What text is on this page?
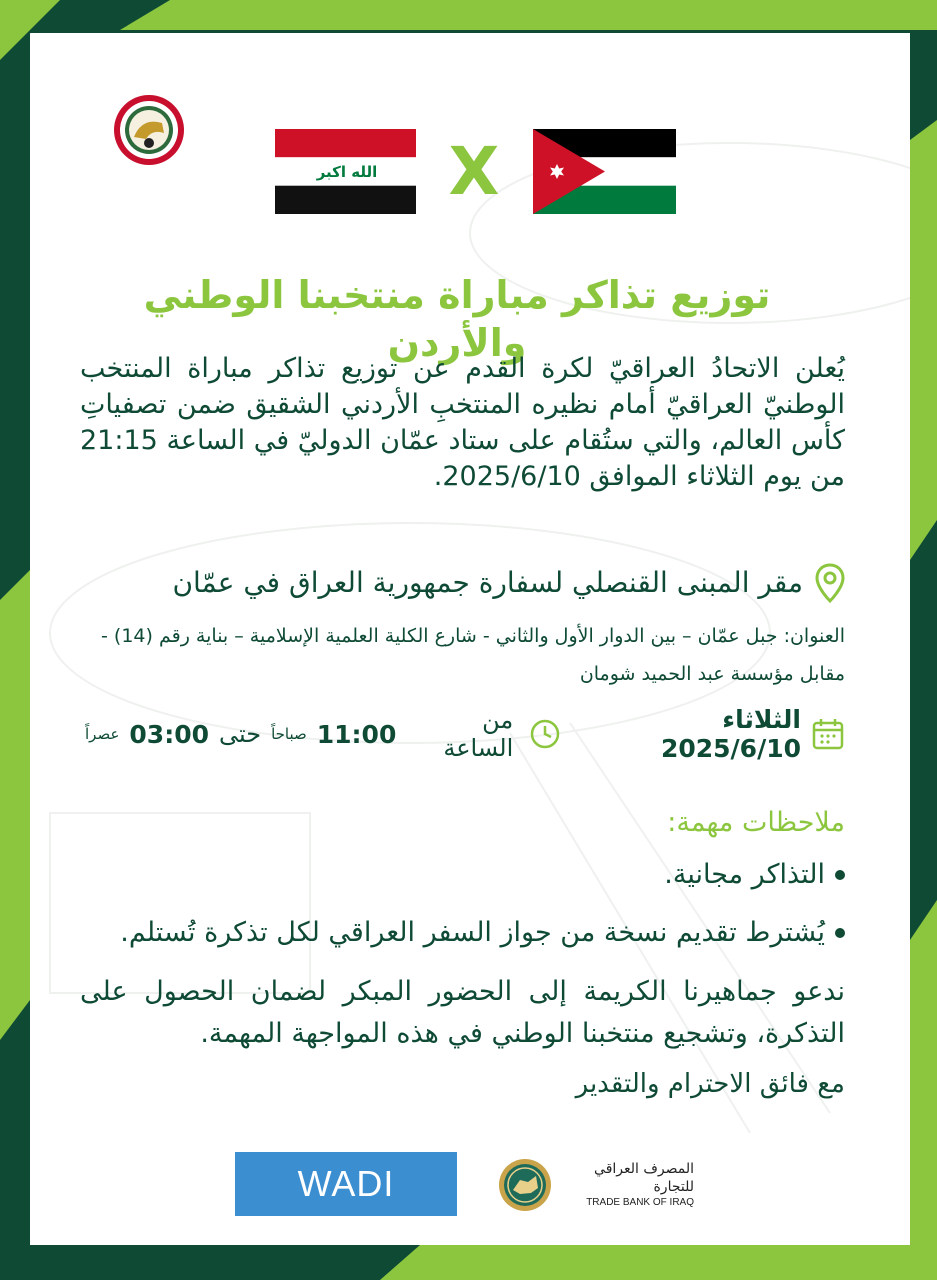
الله اكبر X
توزيع تذاكر مباراة منتخبنا الوطني والأردن

يُعلن الاتحادُ العراقيّ لكرة القدم عن توزيع تذاكر مباراة المنتخب الوطنيّ العراقيّ أمام نظيره المنتخبِ الأردني الشقيق ضمن تصفياتِ كأس العالم، والتي ستُقام على ستاد عمّان الدوليّ في الساعة 21:15 من يوم الثلاثاء الموافق 2025/6/10.

مقر المبنى القنصلي لسفارة جمهورية العراق في عمّان

العنوان: جبل عمّان – بين الدوار الأول والثاني - شارع الكلية العلمية الإسلامية – بناية رقم (14) - مقابل مؤسسة عبد الحميد شومان

الثلاثاء 2025/6/10
من الساعة
11:00
صباحاً
حتى
03:00
عصراً
ملاحظات مهمة:
التذاكر مجانية.
يُشترط تقديم نسخة من جواز السفر العراقي لكل تذكرة تُستلم.

ندعو جماهيرنا الكريمة إلى الحضور المبكر لضمان الحصول على التذكرة، وتشجيع منتخبنا الوطني في هذه المواجهة المهمة.

مع فائق الاحترام والتقدير

WADI	المصرف العراقي للتجارة
TRADE BANK OF IRAQ
